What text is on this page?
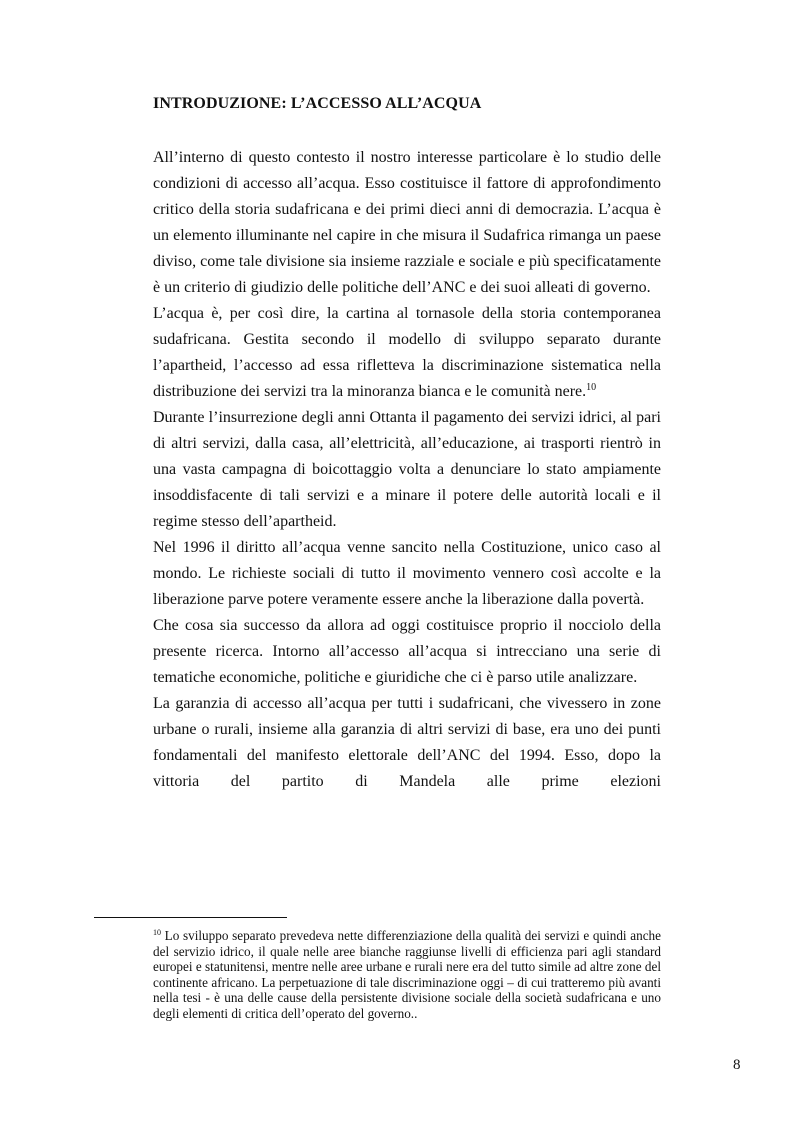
INTRODUZIONE: L’ACCESSO ALL’ACQUA

All’interno di questo contesto il nostro interesse particolare è lo studio delle condizioni di accesso all’acqua. Esso costituisce il fattore di approfondimento critico della storia sudafricana e dei primi dieci anni di democrazia. L’acqua è un elemento illuminante nel capire in che misura il Sudafrica rimanga un paese diviso, come tale divisione sia insieme razziale e sociale e più specificatamente è un criterio di giudizio delle politiche dell’ANC e dei suoi alleati di governo.

L’acqua è, per così dire, la cartina al tornasole della storia contemporanea sudafricana. Gestita secondo il modello di sviluppo separato durante l’apartheid, l’accesso ad essa rifletteva la discriminazione sistematica nella distribuzione dei servizi tra la minoranza bianca e le comunità nere.$^{10}$

Durante l’insurrezione degli anni Ottanta il pagamento dei servizi idrici, al pari di altri servizi, dalla casa, all’elettricità, all’educazione, ai trasporti rientrò in una vasta campagna di boicottaggio volta a denunciare lo stato ampiamente insoddisfacente di tali servizi e a minare il potere delle autorità locali e il regime stesso dell’apartheid.

Nel 1996 il diritto all’acqua venne sancito nella Costituzione, unico caso al mondo. Le richieste sociali di tutto il movimento vennero così accolte e la liberazione parve potere veramente essere anche la liberazione dalla povertà.

Che cosa sia successo da allora ad oggi costituisce proprio il nocciolo della presente ricerca. Intorno all’accesso all’acqua si intrecciano una serie di tematiche economiche, politiche e giuridiche che ci è parso utile analizzare.

La garanzia di accesso all’acqua per tutti i sudafricani, che vivessero in zone urbane o rurali, insieme alla garanzia di altri servizi di base, era uno dei punti fondamentali del manifesto elettorale dell’ANC del 1994. Esso, dopo la vittoria del partito di Mandela alle prime elezioni

$^{10}$ Lo sviluppo separato prevedeva nette differenziazione della qualità dei servizi e quindi anche del servizio idrico, il quale nelle aree bianche raggiunse livelli di efficienza pari agli standard europei e statunitensi, mentre nelle aree urbane e rurali nere era del tutto simile ad altre zone del continente africano. La perpetuazione di tale discriminazione oggi – di cui tratteremo più avanti nella tesi - è una delle cause della persistente divisione sociale della società sudafricana e uno degli elementi di critica dell’operato del governo..
8
